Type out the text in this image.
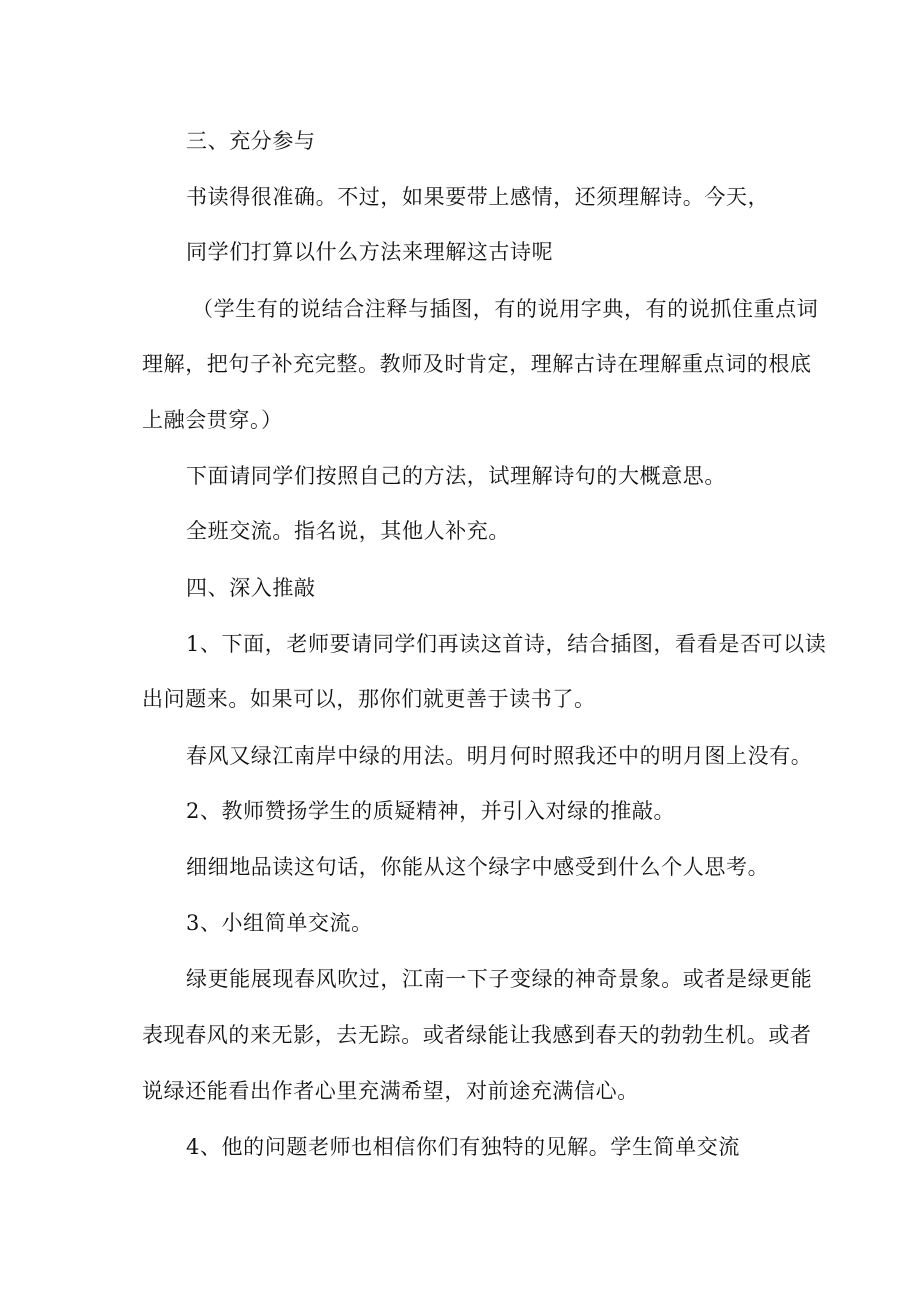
三、充分参与
书读得很准确。不过，如果要带上感情，还须理解诗。今天，
同学们打算以什么方法来理解这古诗呢
（学生有的说结合注释与插图，有的说用字典，有的说抓住重点词
理解，把句子补充完整。教师及时肯定，理解古诗在理解重点词的根底
上融会贯穿。）
下面请同学们按照自己的方法，试理解诗句的大概意思。
全班交流。指名说，其他人补充。
四、深入推敲
1、下面，老师要请同学们再读这首诗，结合插图，看看是否可以读
出问题来。如果可以，那你们就更善于读书了。
春风又绿江南岸中绿的用法。明月何时照我还中的明月图上没有。
2、教师赞扬学生的质疑精神，并引入对绿的推敲。
细细地品读这句话，你能从这个绿字中感受到什么个人思考。
3、小组简单交流。
绿更能展现春风吹过，江南一下子变绿的神奇景象。或者是绿更能
表现春风的来无影，去无踪。或者绿能让我感到春天的勃勃生机。或者
说绿还能看出作者心里充满希望，对前途充满信心。
4、他的问题老师也相信你们有独特的见解。学生简单交流
